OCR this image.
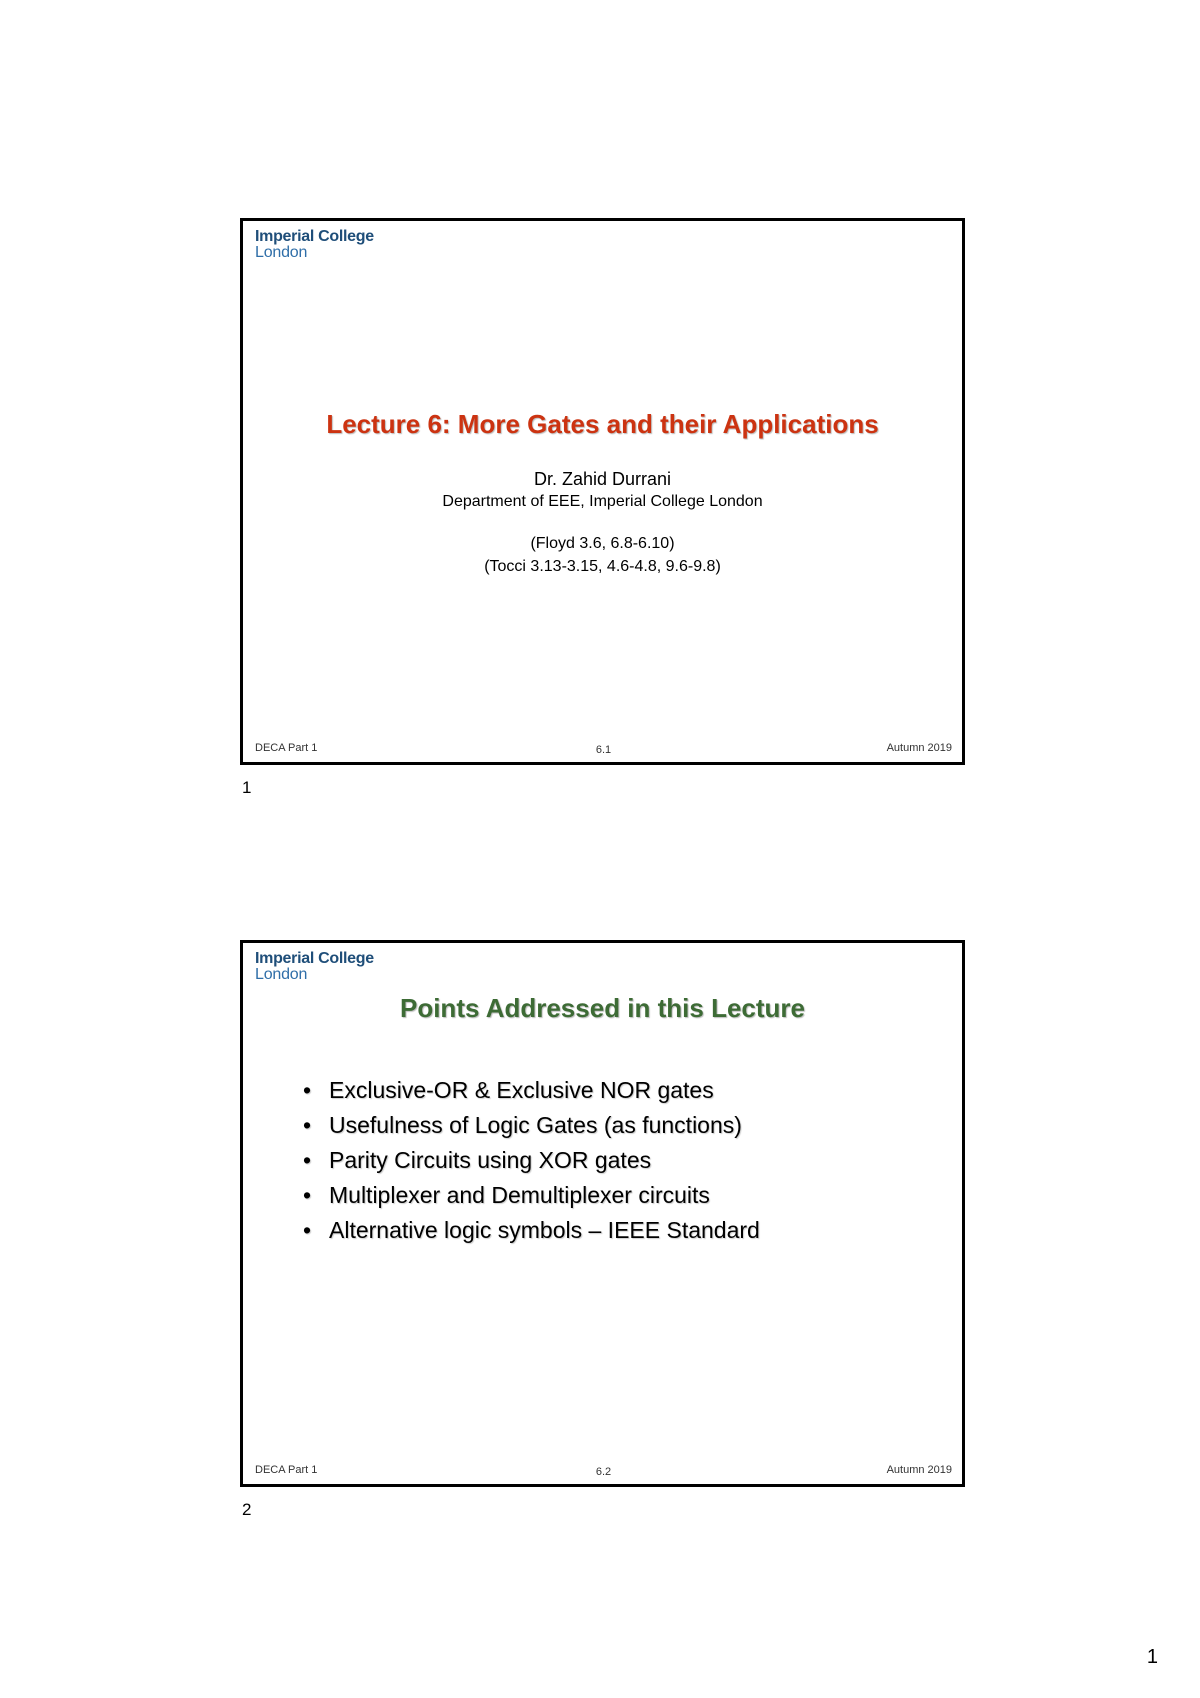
Imperial College
London
Lecture 6: More Gates and their Applications
Dr. Zahid Durrani
Department of EEE, Imperial College London
(Floyd 3.6, 6.8-6.10)
(Tocci 3.13-3.15, 4.6-4.8, 9.6-9.8)
DECA Part 1	6.1	Autumn 2019
1
Imperial College
London
Points Addressed in this Lecture
• Exclusive-OR & Exclusive NOR gates
• Usefulness of Logic Gates (as functions)
• Parity Circuits using XOR gates
• Multiplexer and Demultiplexer circuits
• Alternative logic symbols – IEEE Standard
DECA Part 1	6.2	Autumn 2019
2
1
